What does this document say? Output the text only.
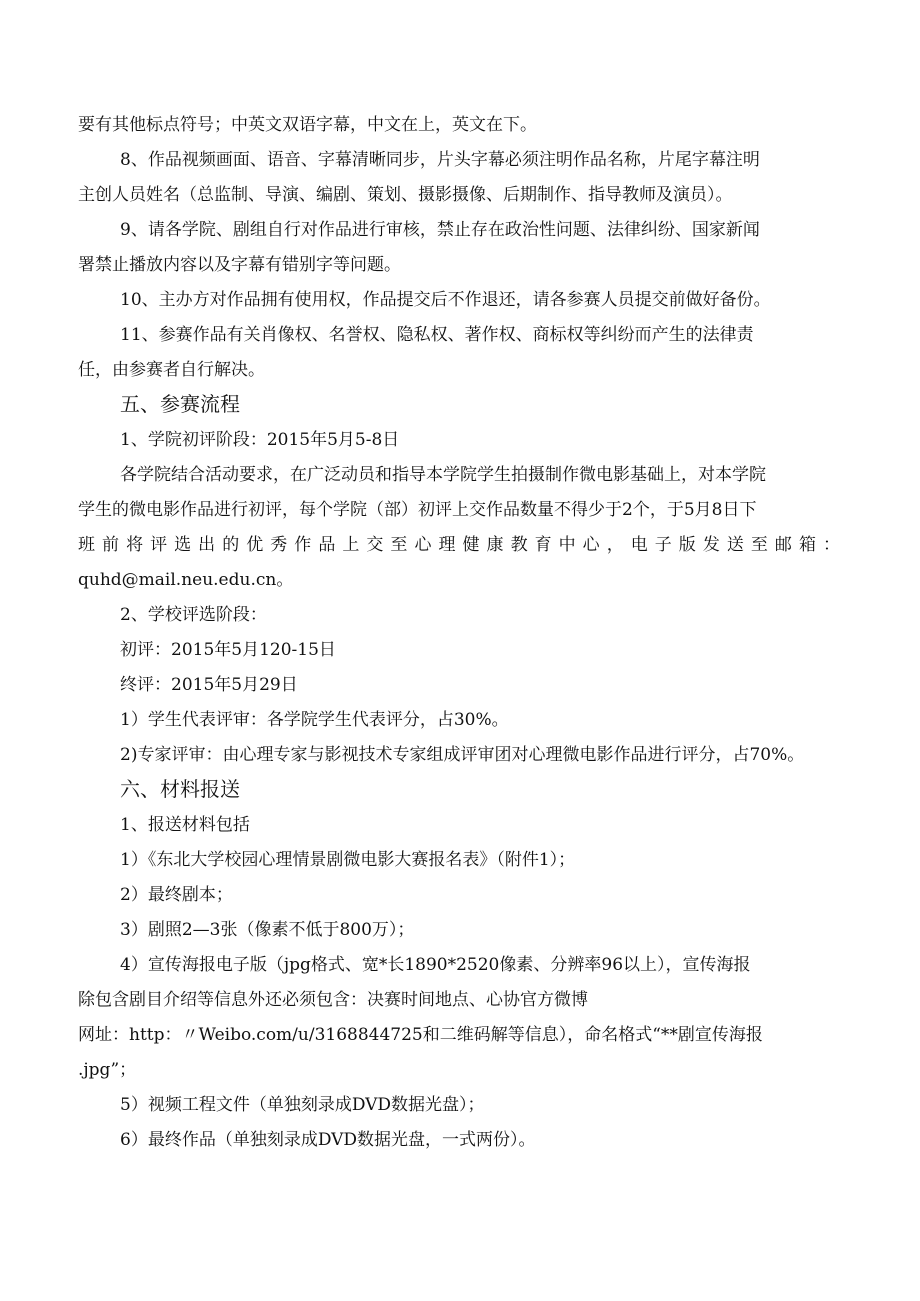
要有其他标点符号；中英文双语字幕，中文在上，英文在下。
8、作品视频画面、语音、字幕清晰同步，片头字幕必须注明作品名称，片尾字幕注明
主创人员姓名（总监制、导演、编剧、策划、摄影摄像、后期制作、指导教师及演员）。
9、请各学院、剧组自行对作品进行审核，禁止存在政治性问题、法律纠纷、国家新闻
署禁止播放内容以及字幕有错别字等问题。
10、主办方对作品拥有使用权，作品提交后不作退还，请各参赛人员提交前做好备份。
11、参赛作品有关肖像权、名誉权、隐私权、著作权、商标权等纠纷而产生的法律责
任，由参赛者自行解决。
五、参赛流程
1、学院初评阶段：2015年5月5-8日
各学院结合活动要求，在广泛动员和指导本学院学生拍摄制作微电影基础上，对本学院
学生的微电影作品进行初评，每个学院（部）初评上交作品数量不得少于2个，于5月8日下
班前将评选出的优秀作品上交至心理健康教育中心，电子版发送至邮箱：
quhd@mail.neu.edu.cn。
2、学校评选阶段：
初评：2015年5月120-15日
终评：2015年5月29日
1）学生代表评审：各学院学生代表评分，占30%。
2)专家评审：由心理专家与影视技术专家组成评审团对心理微电影作品进行评分，占70%。
六、材料报送
1、报送材料包括
1）《东北大学校园心理情景剧微电影大赛报名表》（附件1）；
2）最终剧本；
3）剧照2—3张（像素不低于800万）；
4）宣传海报电子版（jpg格式、宽*长1890*2520像素、分辨率96以上），宣传海报
除包含剧目介绍等信息外还必须包含：决赛时间地点、心协官方微博
网址：http：〃Weibo.com/u/3168844725和二维码解等信息），命名格式“**剧宣传海报
.jpg”；
5）视频工程文件（单独刻录成DVD数据光盘）；
6）最终作品（单独刻录成DVD数据光盘，一式两份）。
